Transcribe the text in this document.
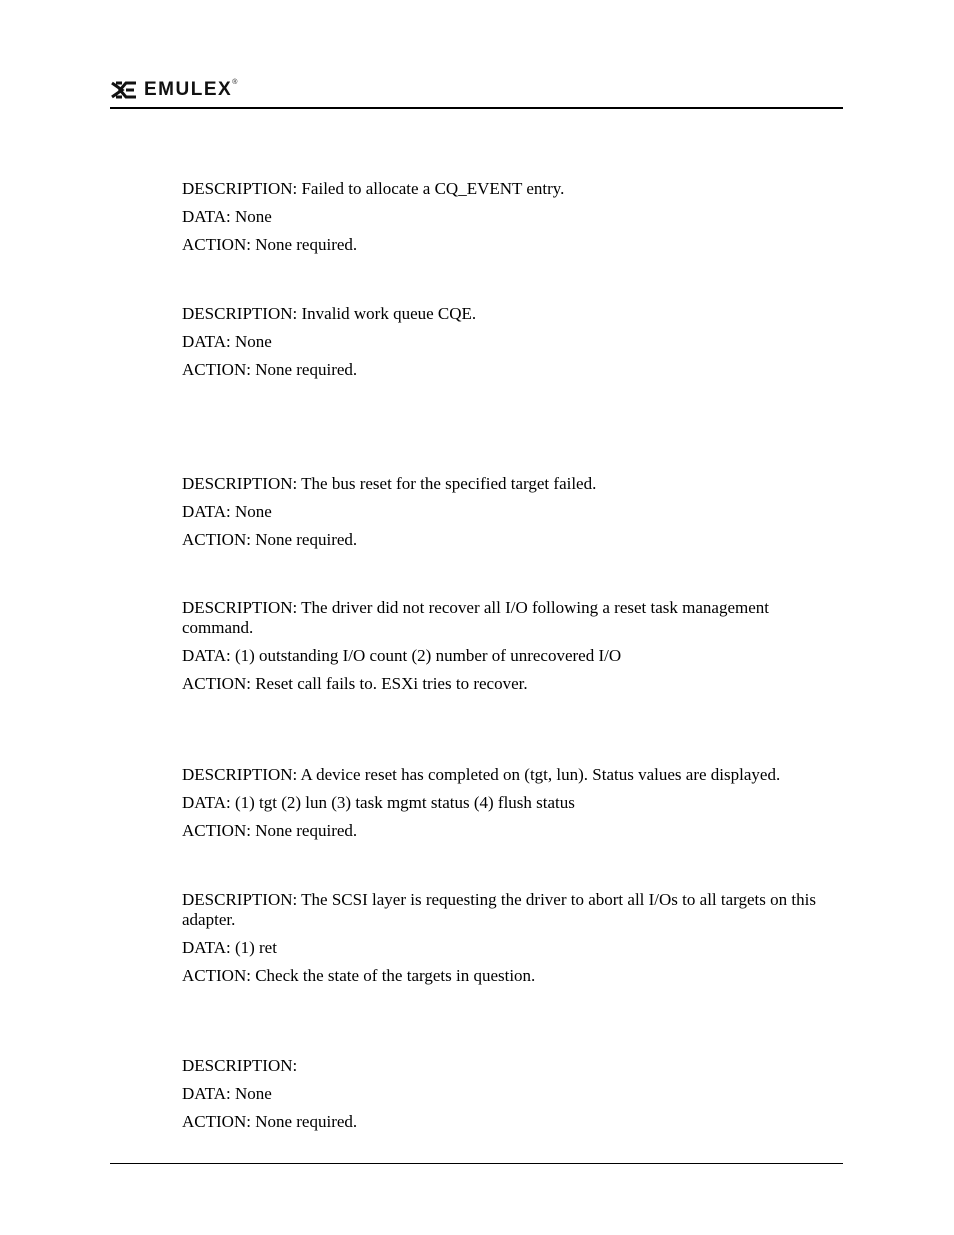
EMULEX®

DESCRIPTION: Failed to allocate a CQ_EVENT entry.

DATA: None

ACTION: None required.

DESCRIPTION: Invalid work queue CQE.

DATA: None

ACTION: None required.

DESCRIPTION: The bus reset for the specified target failed.

DATA: None

ACTION: None required.

DESCRIPTION: The driver did not recover all I/O following a reset task management command.

DATA: (1) outstanding I/O count (2) number of unrecovered I/O

ACTION: Reset call fails to. ESXi tries to recover.

DESCRIPTION: A device reset has completed on (tgt, lun). Status values are displayed.

DATA: (1) tgt (2) lun (3) task mgmt status (4) flush status

ACTION: None required.

DESCRIPTION: The SCSI layer is requesting the driver to abort all I/Os to all targets on this adapter.

DATA: (1) ret

ACTION: Check the state of the targets in question.

DESCRIPTION:

DATA: None

ACTION: None required.
